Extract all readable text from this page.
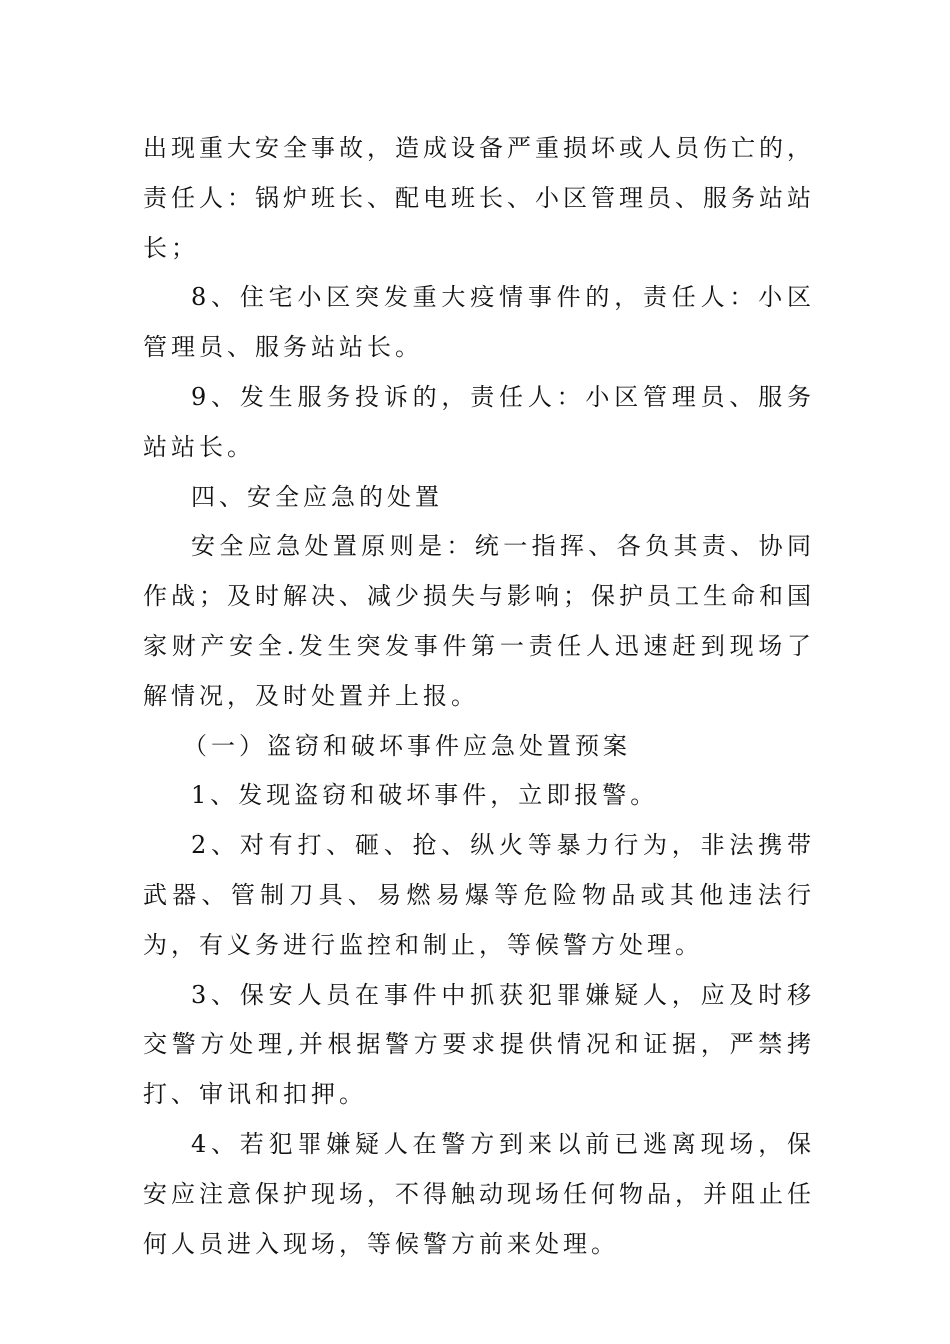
出现重大安全事故，造成设备严重损坏或人员伤亡的，责任人：锅炉班长、配电班长、小区管理员、服务站站长；

8、住宅小区突发重大疫情事件的，责任人：小区管理员、服务站站长。

9、发生服务投诉的，责任人：小区管理员、服务站站长。

四、安全应急的处置

安全应急处置原则是：统一指挥、各负其责、协同作战；及时解决、减少损失与影响；保护员工生命和国家财产安全.发生突发事件第一责任人迅速赶到现场了解情况，及时处置并上报。

（一）盗窃和破坏事件应急处置预案

1、发现盗窃和破坏事件，立即报警。

2、对有打、砸、抢、纵火等暴力行为，非法携带武器、管制刀具、易燃易爆等危险物品或其他违法行为，有义务进行监控和制止，等候警方处理。

3、保安人员在事件中抓获犯罪嫌疑人，应及时移交警方处理,并根据警方要求提供情况和证据，严禁拷打、审讯和扣押。

4、若犯罪嫌疑人在警方到来以前已逃离现场，保安应注意保护现场，不得触动现场任何物品，并阻止任何人员进入现场，等候警方前来处理。
